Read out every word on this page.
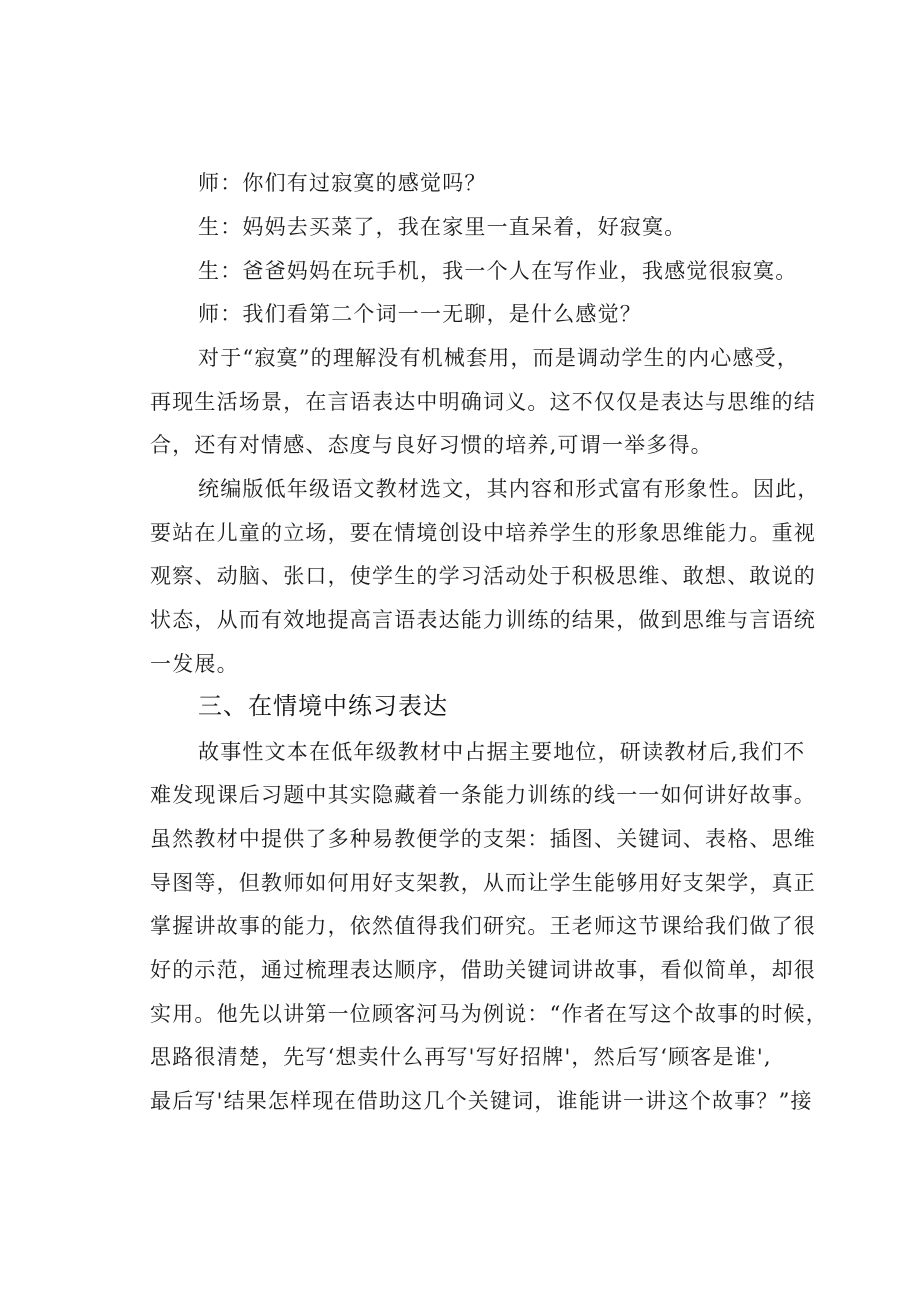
师：你们有过寂寞的感觉吗？
生：妈妈去买菜了，我在家里一直呆着，好寂寞。
生：爸爸妈妈在玩手机，我一个人在写作业，我感觉很寂寞。
师：我们看第二个词一一无聊，是什么感觉？
对于“寂寞”的理解没有机械套用，而是调动学生的内心感受，
再现生活场景，在言语表达中明确词义。这不仅仅是表达与思维的结
合，还有对情感、态度与良好习惯的培养,可谓一举多得。
统编版低年级语文教材选文，其内容和形式富有形象性。因此，
要站在儿童的立场，要在情境创设中培养学生的形象思维能力。重视
观察、动脑、张口，使学生的学习活动处于积极思维、敢想、敢说的
状态，从而有效地提高言语表达能力训练的结果，做到思维与言语统
一发展。
三、在情境中练习表达
故事性文本在低年级教材中占据主要地位，研读教材后,我们不
难发现课后习题中其实隐藏着一条能力训练的线一一如何讲好故事。
虽然教材中提供了多种易教便学的支架：插图、关键词、表格、思维
导图等，但教师如何用好支架教，从而让学生能够用好支架学，真正
掌握讲故事的能力，依然值得我们研究。王老师这节课给我们做了很
好的示范，通过梳理表达顺序，借助关键词讲故事，看似简单，却很
实用。他先以讲第一位顾客河马为例说：“作者在写这个故事的时候，
思路很清楚，先写‘想卖什么再写'写好招牌'，然后写‘顾客是谁',
最后写'结果怎样现在借助这几个关键词，谁能讲一讲这个故事？”接
